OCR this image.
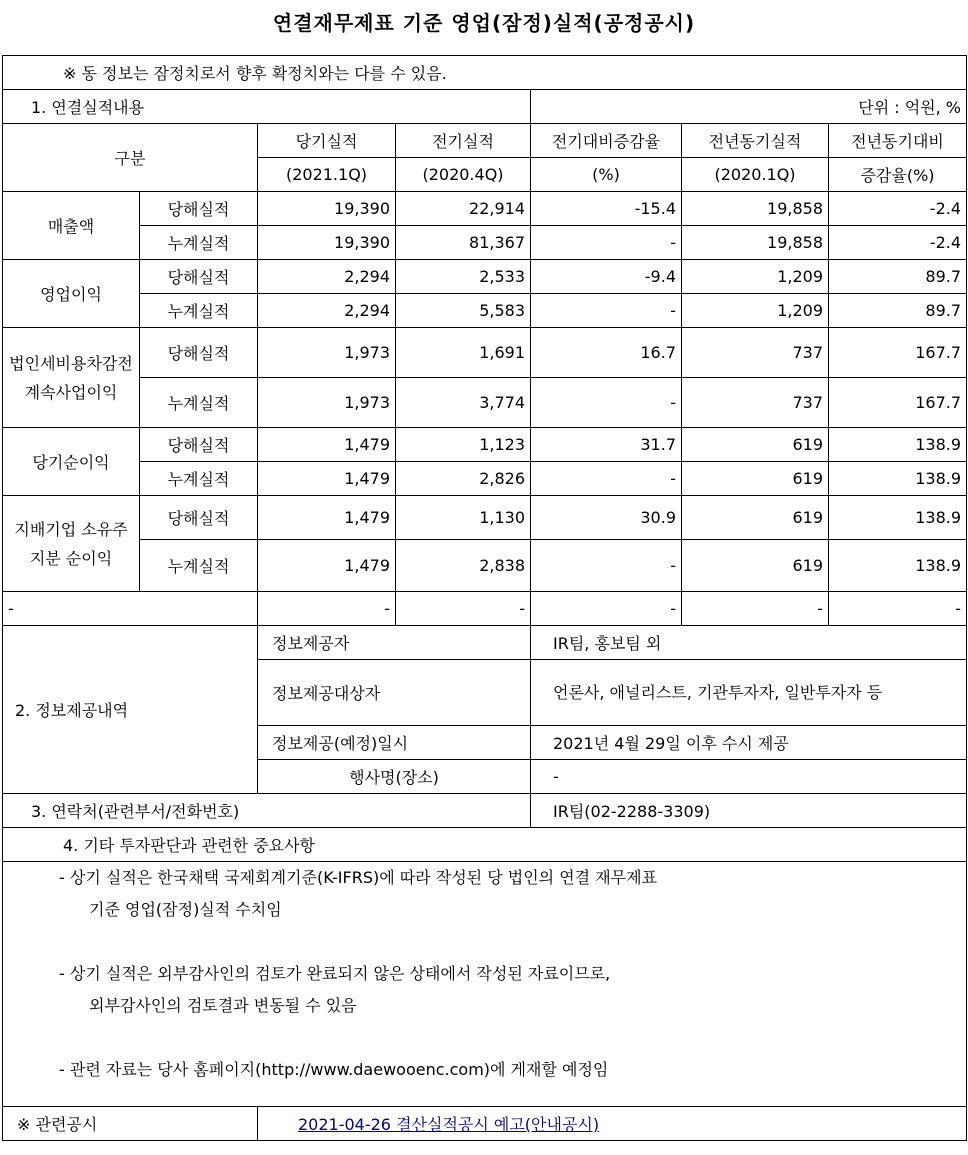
연결재무제표 기준 영업(잠정)실적(공정공시)
※ 동 정보는 잠정치로서 향후 확정치와는 다를 수 있음.						
1. 연결실적내용				단위 : 억원, %		
구분		당기실적	전기실적	전기대비증감율	전년동기실적	전년동기대비
		(2021.1Q)	(2020.4Q)	(%)	(2020.1Q)	증감율(%)
매출액	당해실적	19,390	22,914	-15.4	19,858	-2.4
	누계실적	19,390	81,367	-	19,858	-2.4
영업이익	당해실적	2,294	2,533	-9.4	1,209	89.7
	누계실적	2,294	5,583	-	1,209	89.7
법인세비용차감전계속사업이익	당해실적	1,973	1,691	16.7	737	167.7
	누계실적	1,973	3,774	-	737	167.7
당기순이익	당해실적	1,479	1,123	31.7	619	138.9
	누계실적	1,479	2,826	-	619	138.9
지배기업 소유주지분 순이익	당해실적	1,479	1,130	30.9	619	138.9
	누계실적	1,479	2,838	-	619	138.9
-		-	-	-	-	-
2. 정보제공내역		정보제공자		IR팀, 홍보팀 외		
		정보제공대상자		언론사, 애널리스트, 기관투자자, 일반투자자 등		
		정보제공(예정)일시		2021년 4월 29일 이후 수시 제공		
		행사명(장소)		-		
3. 연락처(관련부서/전화번호)				IR팀(02-2288-3309)		
4. 기타 투자판단과 관련한 중요사항						

- 상기 실적은 한국채택 국제회계기준(K-IFRS)에 따라 작성된 당 법인의 연결 재무제표

기준 영업(잠정)실적 수치임

- 상기 실적은 외부감사인의 검토가 완료되지 않은 상태에서 작성된 자료이므로,

외부감사인의 검토결과 변동될 수 있음

- 관련 자료는 당사 홈페이지(http://www.daewooenc.com)에 게재할 예정임						

※ 관련공시		2021-04-26 결산실적공시 예고(안내공시)				
